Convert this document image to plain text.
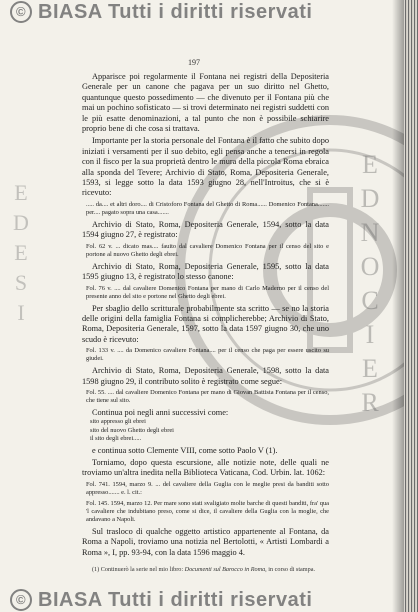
E
D
E
S
I
Е
D
N
O
C
I
E
R
© BIASA Tutti i diritti riservati
197

Apparisce poi regolarmente il Fontana nei registri della Depositeria Generale per un canone che pagava per un suo diritto nel Ghetto, quantunque questo possedimento — che divenuto per il Fontana più che mai un pochino sofisticato — si trovi determinato nei registri suddetti con le più esatte denominazioni, a tal punto che non è possibile schiarire proprio bene di che cosa si trattava.

Importante per la storia personale del Fontana è il fatto che subito dopo iniziati i versamenti per il suo debito, egli pensa anche a tenersi in regola con il fisco per la sua proprietà dentro le mura della piccola Roma ebraica alla sponda del Tevere; Archivio di Stato, Roma, Depositeria Generale, 1593, si legge sotto la data 1593 giugno 28, nell'Introitus, che si è ricevuto:

..... da.... et altri doro.... di Cristoforo Fontana del Ghetto di Roma...... Domenico Fontana....... per.... pagato sopra una casa.......

Archivio di Stato, Roma, Depositeria Generale, 1594, sotto la data 1594 giugno 27, è registrato:

Fol. 62 v. ... dicato mas.... fauito dal cavaliere Domenico Fontana per il censo del sito e portone al nuovo Ghetto degli ebrei.

Archivio di Stato, Roma, Depositeria Generale, 1595, sotto la data 1595 giugno 13, è registrato lo stesso canone:

Fol. 76 v. .... dal cavaliere Domenico Fontana per mano di Carlo Maderno per il censo del presente anno del sito e portone nel Ghetto degli ebrei.

Per sbaglio dello scritturale probabilmente sta scritto — se no la storia delle origini della famiglia Fontana si complicherebbe; Archivio di Stato, Roma, Depositeria Generale, 1597, sotto la data 1597 giugno 30, che uno scudo è ricevuto:

Fol. 133 v. .... da Domenico cavaliere Fontana.... per il censo che paga per essere uscito su giudei.

Archivio di Stato, Roma, Depositeria Generale, 1598, sotto la data 1598 giugno 29, il contributo solito è registrato come segue:

Fol. 55. .... dal cavaliere Domenico Fontana per mano di Giovan Battista Fontana per il censo, che tiene sul sito.

Continua poi negli anni successivi come:

sito appresso gli ebrei

sito del nuovo Ghetto degli ebrei

il sito degli ebrei.....

e continua sotto Clemente VIII, come sotto Paolo V (1).

Torniamo, dopo questa escursione, alle notizie note, delle quali ne troviamo un'altra inedita nella Biblioteca Vaticana, Cod. Urbin. lat. 1062:

Fol. 741. 1594, marzo 9. ... del cavaliere della Guglia con le meglie presi da banditi sotto appresso....... e. l. cit.:

Fol. 145. 1594, marzo 12. Per mare sono stati svaligiato molte barche di questi banditi, fra' qua 'l cavaliere che indubitano preso, come si dice, il cavaliere della Guglia con la moglie, che andavano a Napoli.

Sul trasloco di qualche oggetto artistico appartenente al Fontana, da Roma a Napoli, troviamo una notizia nel Bertolotti, « Artisti Lombardi a Roma », I, pp. 93-94, con la data 1596 maggio 4.

(1) Continuerò la serie nel mio libro: Documenti sul Barocco in Roma, in corso di stampa.
© BIASA Tutti i diritti riservati
